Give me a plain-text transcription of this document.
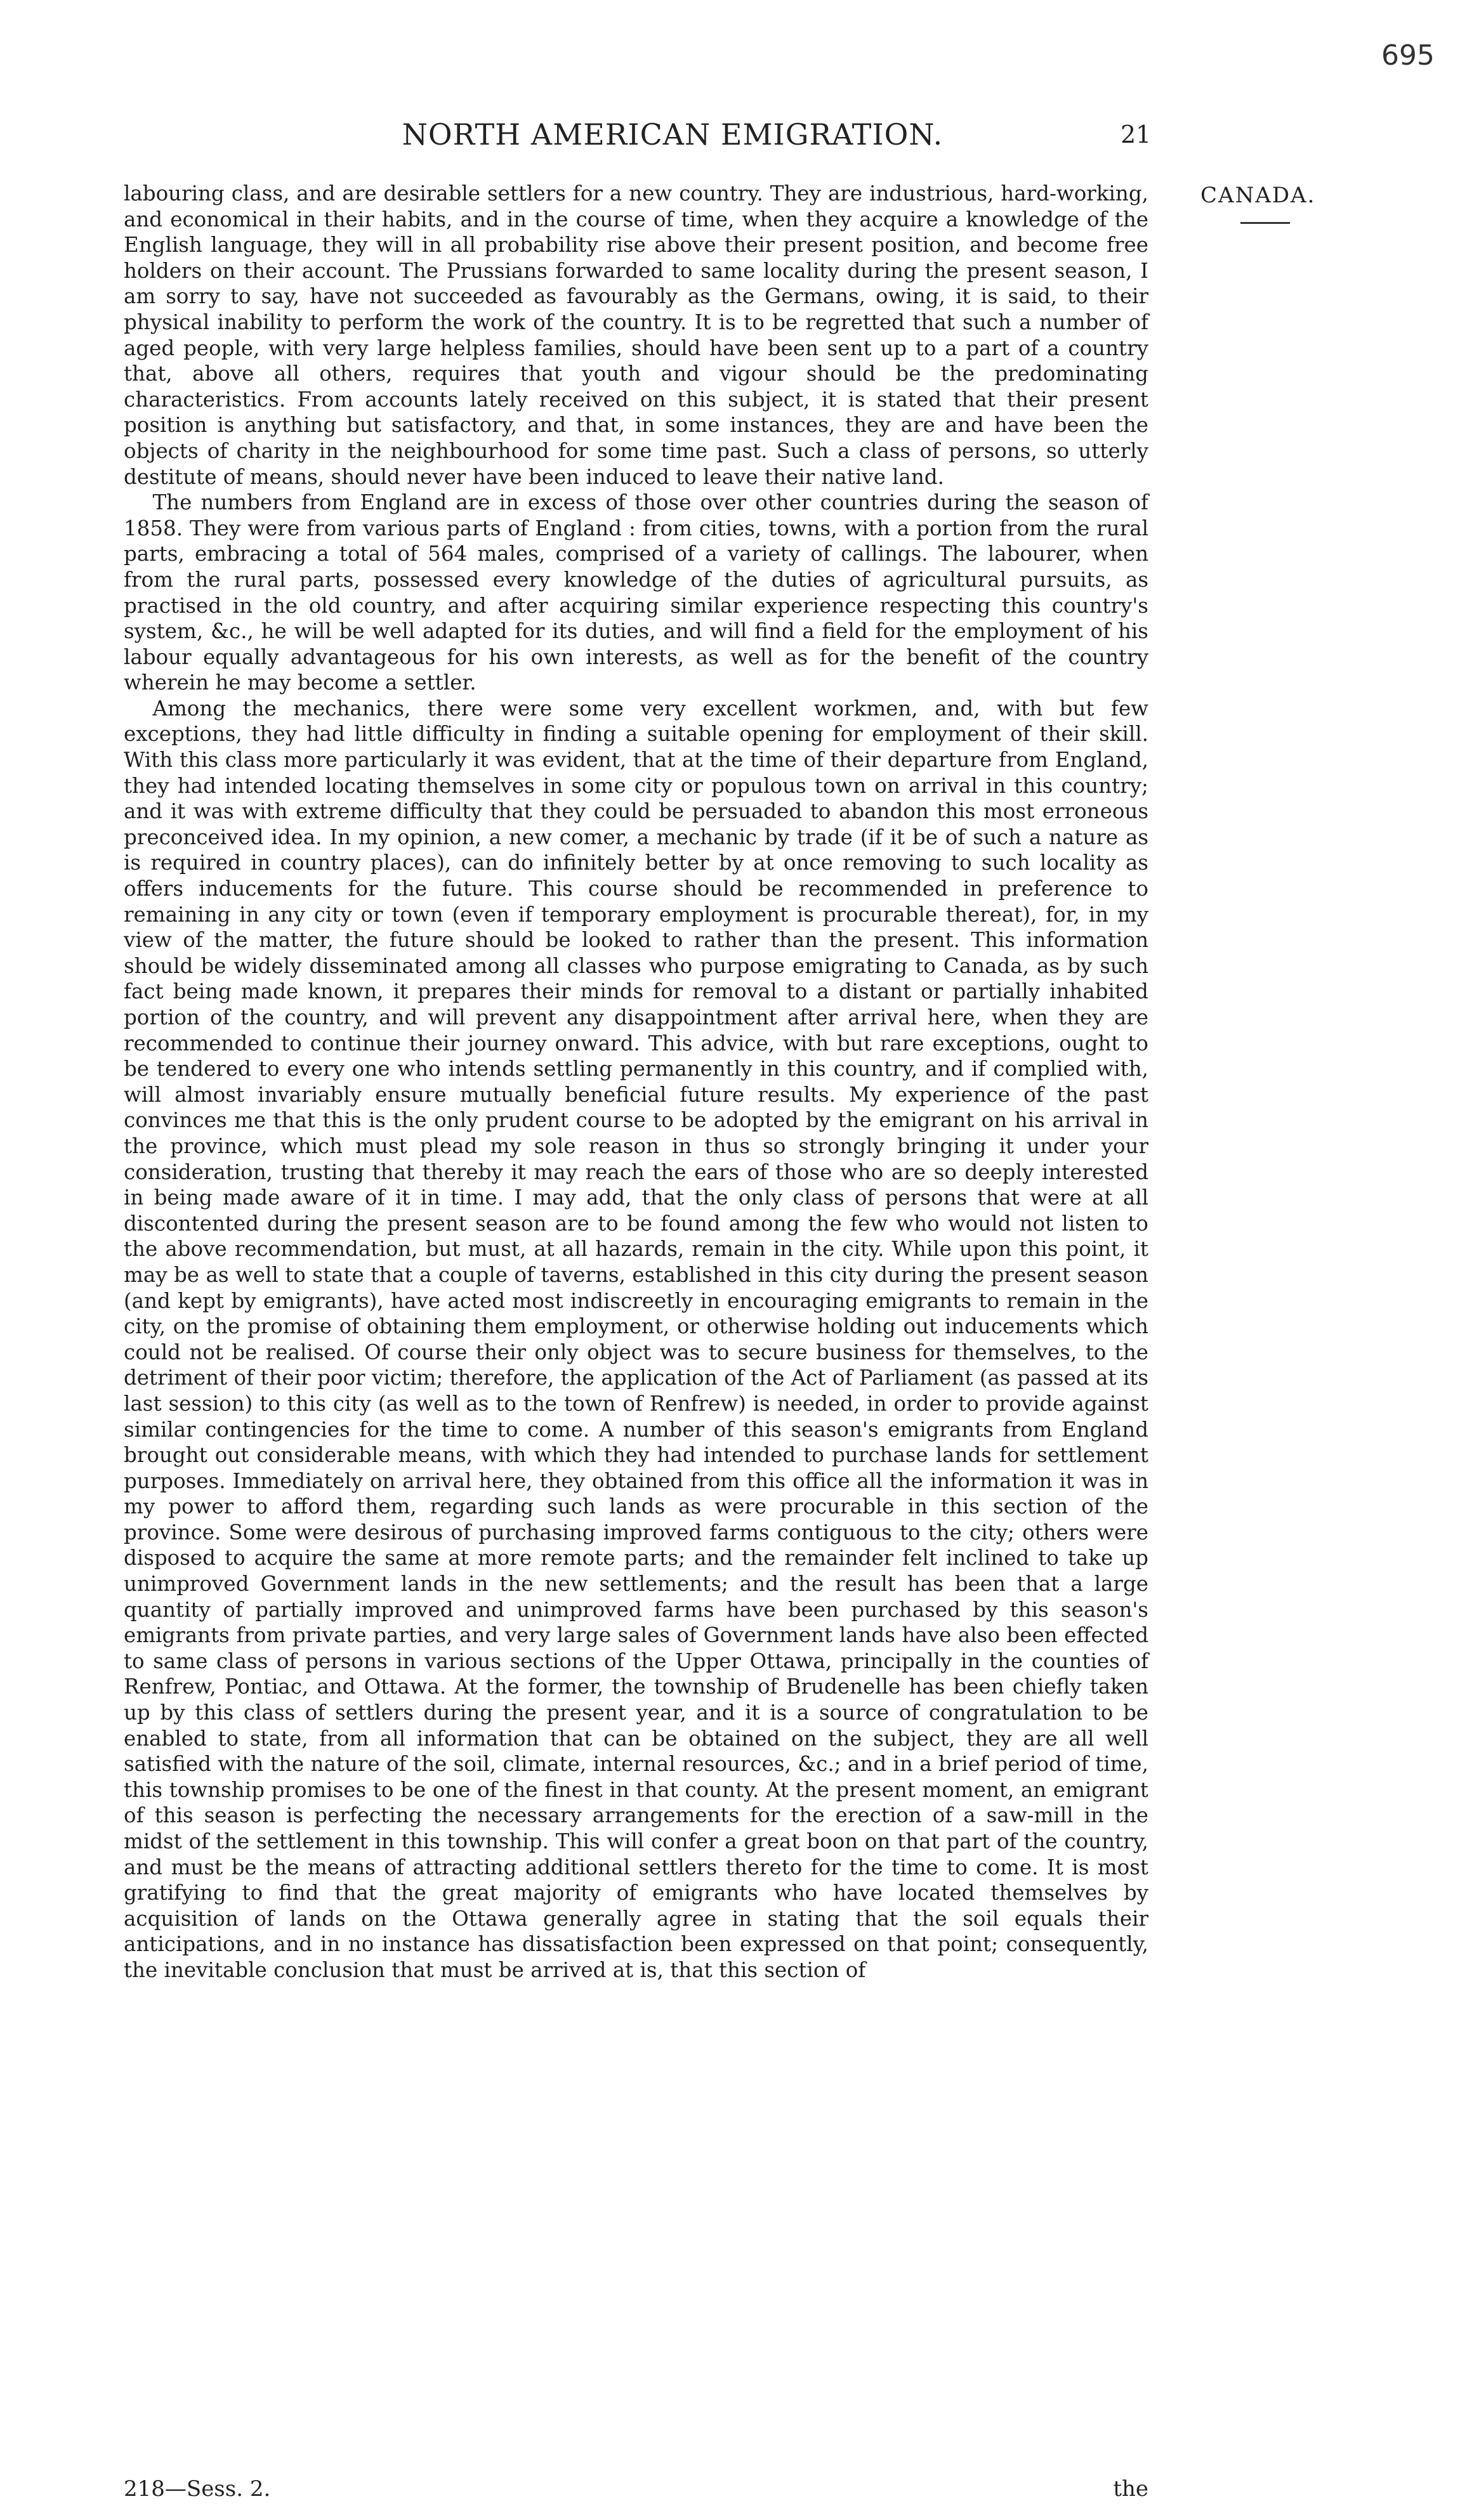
695
NORTH AMERICAN EMIGRATION.	21
CANADA.

labouring class, and are desirable settlers for a new country. They are industrious, hard-working, and economical in their habits, and in the course of time, when they acquire a knowledge of the English language, they will in all probability rise above their present position, and become free holders on their account. The Prussians forwarded to same locality during the present season, I am sorry to say, have not succeeded as favourably as the Germans, owing, it is said, to their physical inability to perform the work of the country. It is to be regretted that such a number of aged people, with very large helpless families, should have been sent up to a part of a country that, above all others, requires that youth and vigour should be the predominating characteristics. From accounts lately received on this subject, it is stated that their present position is anything but satisfactory, and that, in some instances, they are and have been the objects of charity in the neighbourhood for some time past. Such a class of persons, so utterly destitute of means, should never have been induced to leave their native land.

The numbers from England are in excess of those over other countries during the season of 1858. They were from various parts of England : from cities, towns, with a portion from the rural parts, embracing a total of 564 males, comprised of a variety of callings. The labourer, when from the rural parts, possessed every knowledge of the duties of agricultural pursuits, as practised in the old country, and after acquiring similar experience respecting this country's system, &c., he will be well adapted for its duties, and will find a field for the employment of his labour equally advantageous for his own interests, as well as for the benefit of the country wherein he may become a settler.

Among the mechanics, there were some very excellent workmen, and, with but few exceptions, they had little difficulty in finding a suitable opening for employment of their skill. With this class more particularly it was evident, that at the time of their departure from England, they had intended locating themselves in some city or populous town on arrival in this country; and it was with extreme difficulty that they could be persuaded to abandon this most erroneous preconceived idea. In my opinion, a new comer, a mechanic by trade (if it be of such a nature as is required in country places), can do infinitely better by at once removing to such locality as offers inducements for the future. This course should be recommended in preference to remaining in any city or town (even if temporary employment is procurable thereat), for, in my view of the matter, the future should be looked to rather than the present. This information should be widely disseminated among all classes who purpose emigrating to Canada, as by such fact being made known, it prepares their minds for removal to a distant or partially inhabited portion of the country, and will prevent any disappointment after arrival here, when they are recommended to continue their journey onward. This advice, with but rare exceptions, ought to be tendered to every one who intends settling permanently in this country, and if complied with, will almost invariably ensure mutually beneficial future results. My experience of the past convinces me that this is the only prudent course to be adopted by the emigrant on his arrival in the province, which must plead my sole reason in thus so strongly bringing it under your consideration, trusting that thereby it may reach the ears of those who are so deeply interested in being made aware of it in time. I may add, that the only class of persons that were at all discontented during the present season are to be found among the few who would not listen to the above recommendation, but must, at all hazards, remain in the city. While upon this point, it may be as well to state that a couple of taverns, established in this city during the present season (and kept by emigrants), have acted most indiscreetly in encouraging emigrants to remain in the city, on the promise of obtaining them employment, or otherwise holding out inducements which could not be realised. Of course their only object was to secure business for themselves, to the detriment of their poor victim; therefore, the application of the Act of Parliament (as passed at its last session) to this city (as well as to the town of Renfrew) is needed, in order to provide against similar contingencies for the time to come. A number of this season's emigrants from England brought out considerable means, with which they had intended to purchase lands for settlement purposes. Immediately on arrival here, they obtained from this office all the information it was in my power to afford them, regarding such lands as were procurable in this section of the province. Some were desirous of purchasing improved farms contiguous to the city; others were disposed to acquire the same at more remote parts; and the remainder felt inclined to take up unimproved Government lands in the new settlements; and the result has been that a large quantity of partially improved and unimproved farms have been purchased by this season's emigrants from private parties, and very large sales of Government lands have also been effected to same class of persons in various sections of the Upper Ottawa, principally in the counties of Renfrew, Pontiac, and Ottawa. At the former, the township of Brudenelle has been chiefly taken up by this class of settlers during the present year, and it is a source of congratulation to be enabled to state, from all information that can be obtained on the subject, they are all well satisfied with the nature of the soil, climate, internal resources, &c.; and in a brief period of time, this township promises to be one of the finest in that county. At the present moment, an emigrant of this season is perfecting the necessary arrangements for the erection of a saw-mill in the midst of the settlement in this township. This will confer a great boon on that part of the country, and must be the means of attracting additional settlers thereto for the time to come. It is most gratifying to find that the great majority of emigrants who have located themselves by acquisition of lands on the Ottawa generally agree in stating that the soil equals their anticipations, and in no instance has dissatisfaction been expressed on that point; consequently, the inevitable conclusion that must be arrived at is, that this section of

218—Sess. 2.	the
